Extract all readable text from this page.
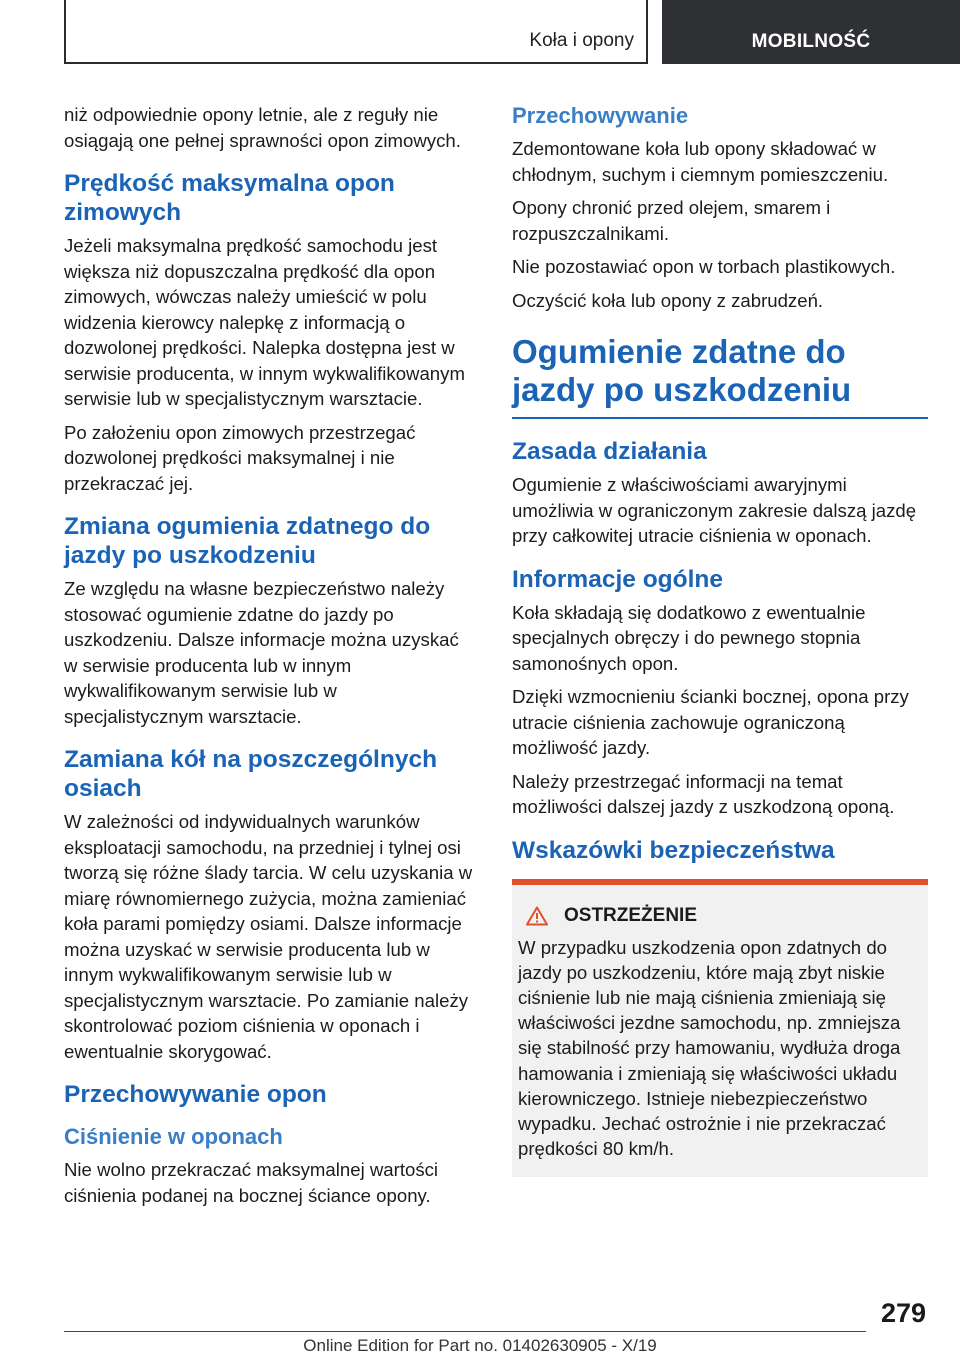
Koła i opony	MOBILNOŚĆ

niż odpowiednie opony letnie, ale z reguły nie osiągają one pełnej sprawności opon zimowych.

Prędkość maksymalna opon zimowych

Jeżeli maksymalna prędkość samochodu jest większa niż dopuszczalna prędkość dla opon zimowych, wówczas należy umieścić w polu widzenia kierowcy nalepkę z informacją o dozwolonej prędkości. Nalepka dostępna jest w serwisie producenta, w innym wykwalifikowanym serwisie lub w specjalistycznym warsztacie.

Po założeniu opon zimowych przestrzegać dozwolonej prędkości maksymalnej i nie przekraczać jej.

Zmiana ogumienia zdatnego do jazdy po uszkodzeniu

Ze względu na własne bezpieczeństwo należy stosować ogumienie zdatne do jazdy po uszkodzeniu. Dalsze informacje można uzyskać w serwisie producenta lub w innym wykwalifikowanym serwisie lub w specjalistycznym warsztacie.

Zamiana kół na poszczególnych osiach

W zależności od indywidualnych warunków eksploatacji samochodu, na przedniej i tylnej osi tworzą się różne ślady tarcia. W celu uzyskania w miarę równomiernego zużycia, można zamieniać koła parami pomiędzy osiami. Dalsze informacje można uzyskać w serwisie producenta lub w innym wykwalifikowanym serwisie lub w specjalistycznym warsztacie. Po zamianie należy skontrolować poziom ciśnienia w oponach i ewentualnie skorygować.

Przechowywanie opon
Ciśnienie w oponach

Nie wolno przekraczać maksymalnej wartości ciśnienia podanej na bocznej ściance opony.

Przechowywanie

Zdemontowane koła lub opony składować w chłodnym, suchym i ciemnym pomieszczeniu.

Opony chronić przed olejem, smarem i rozpuszczalnikami.

Nie pozostawiać opon w torbach plastikowych.

Oczyścić koła lub opony z zabrudzeń.

Ogumienie zdatne do jazdy po uszkodzeniu
Zasada działania

Ogumienie z właściwościami awaryjnymi umożliwia w ograniczonym zakresie dalszą jazdę przy całkowitej utracie ciśnienia w oponach.

Informacje ogólne

Koła składają się dodatkowo z ewentualnie specjalnych obręczy i do pewnego stopnia samonośnych opon.

Dzięki wzmocnieniu ścianki bocznej, opona przy utracie ciśnienia zachowuje ograniczoną możliwość jazdy.

Należy przestrzegać informacji na temat możliwości dalszej jazdy z uszkodzoną oponą.

Wskazówki bezpieczeństwa
OSTRZEŻENIE

W przypadku uszkodzenia opon zdatnych do jazdy po uszkodzeniu, które mają zbyt niskie ciśnienie lub nie mają ciśnienia zmieniają się właściwości jezdne samochodu, np. zmniejsza się stabilność przy hamowaniu, wydłuża droga hamowania i zmieniają się właściwości układu kierowniczego. Istnieje niebezpieczeństwo wypadku. Jechać ostrożnie i nie przekraczać prędkości 80 km/h.

279
Online Edition for Part no. 01402630905 - X/19
